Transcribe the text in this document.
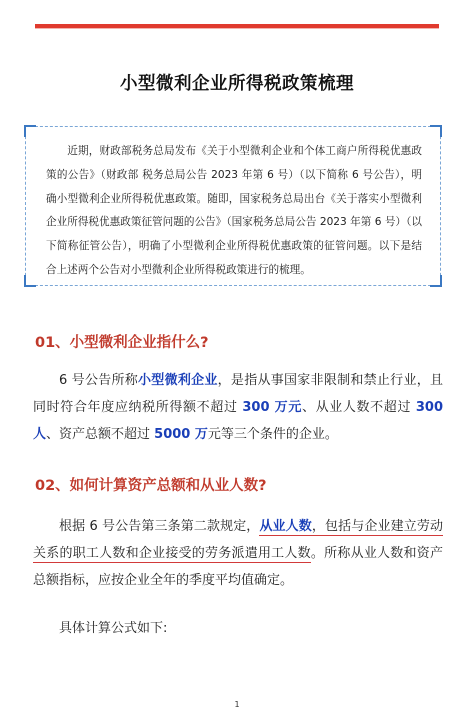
小型微利企业所得税政策梳理

近期，财政部税务总局发布《关于小型微利企业和个体工商户所得税优惠政策的公告》（财政部 税务总局公告 2023 年第 6 号）（以下简称 6 号公告），明确小型微利企业所得税优惠政策。随即，国家税务总局出台《关于落实小型微利企业所得税优惠政策征管问题的公告》（国家税务总局公告 2023 年第 6 号）（以下简称征管公告），明确了小型微利企业所得税优惠政策的征管问题。以下是结合上述两个公告对小型微利企业所得税政策进行的梳理。

01、小型微利企业指什么?

6 号公告所称小型微利企业，是指从事国家非限制和禁止行业，且同时符合年度应纳税所得额不超过 300 万元、从业人数不超过 300 人、资产总额不超过 5000 万元等三个条件的企业。

02、如何计算资产总额和从业人数?

根据 6 号公告第三条第二款规定，从业人数，包括与企业建立劳动关系的职工人数和企业接受的劳务派遣用工人数。所称从业人数和资产总额指标，应按企业全年的季度平均值确定。

具体计算公式如下:

1
